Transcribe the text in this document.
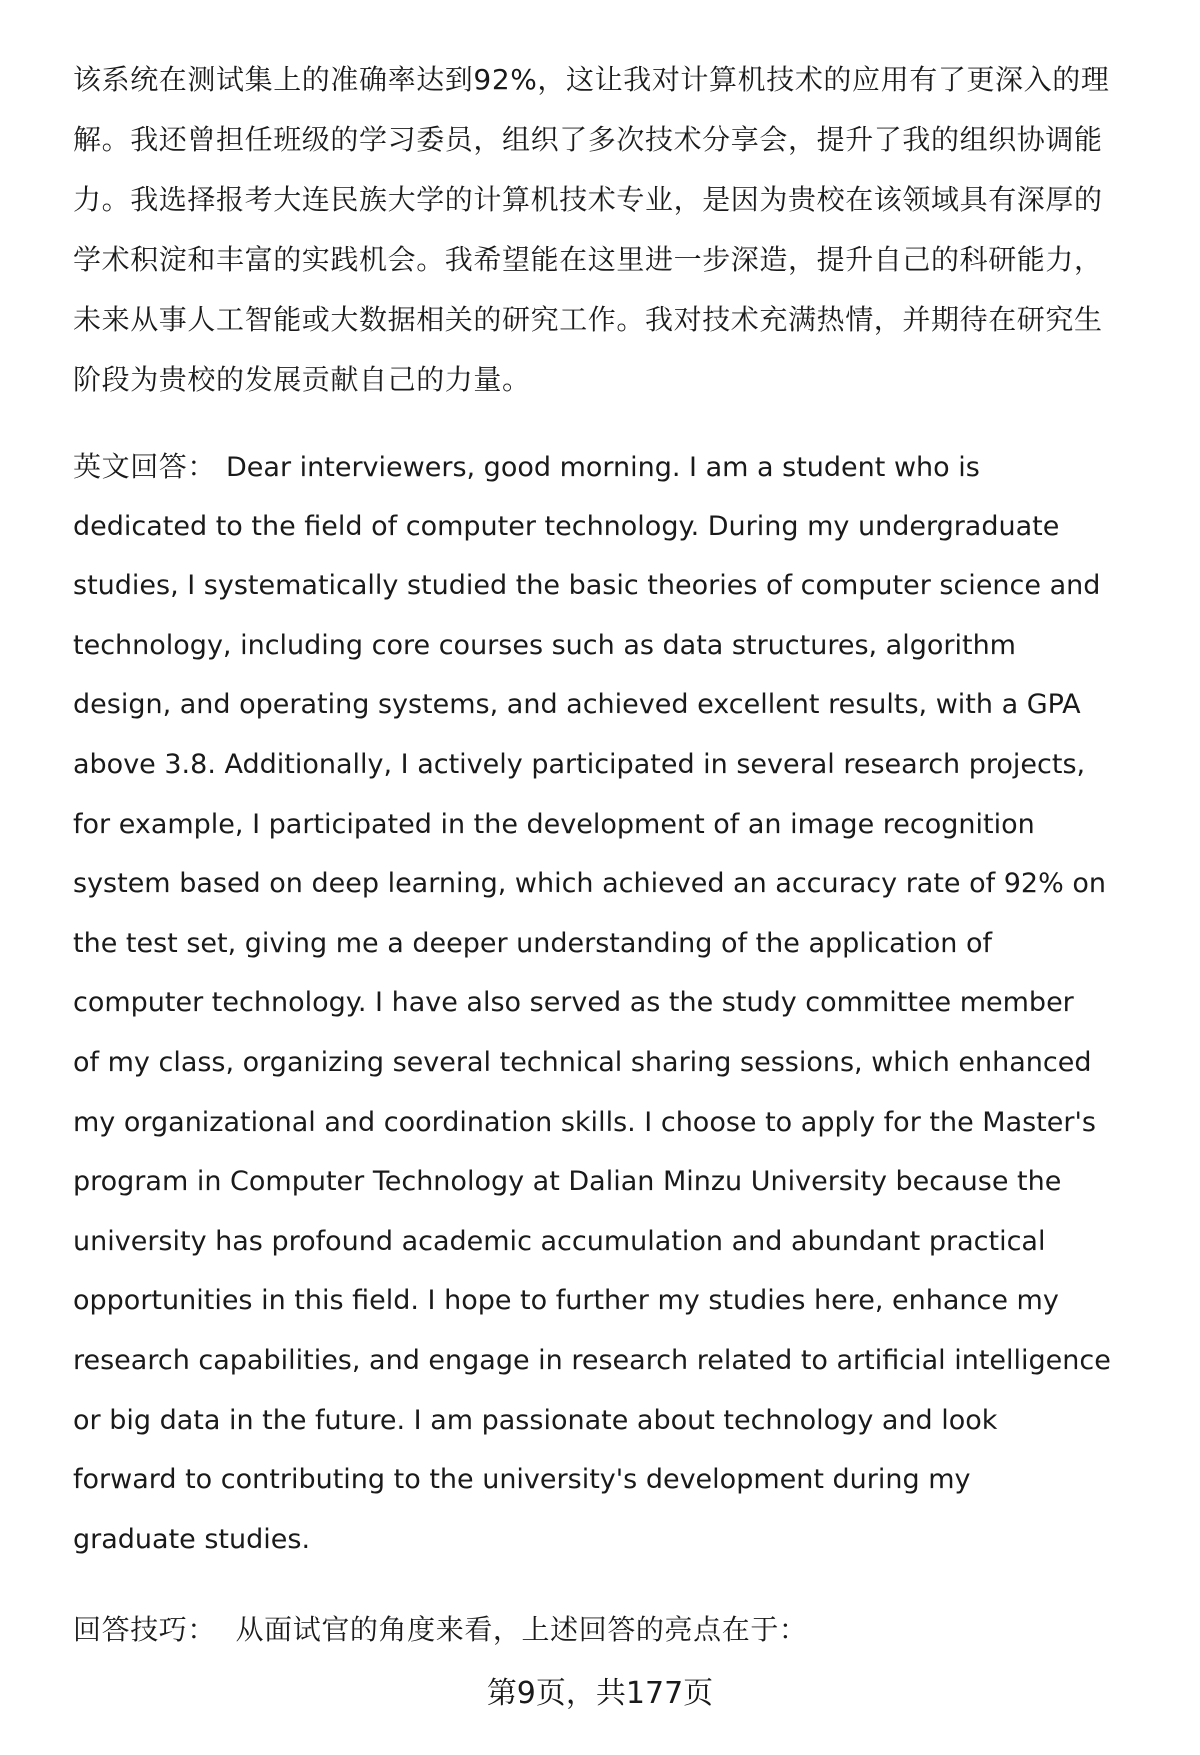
该系统在测试集上的准确率达到92%，这让我对计算机技术的应用有了更深入的理
解。我还曾担任班级的学习委员，组织了多次技术分享会，提升了我的组织协调能
力。我选择报考大连民族大学的计算机技术专业，是因为贵校在该领域具有深厚的
学术积淀和丰富的实践机会。我希望能在这里进一步深造，提升自己的科研能力，
未来从事人工智能或大数据相关的研究工作。我对技术充满热情，并期待在研究生
阶段为贵校的发展贡献自己的力量。
英文回答： Dear interviewers, good morning. I am a student who is
dedicated to the field of computer technology. During my undergraduate
studies, I systematically studied the basic theories of computer science and
technology, including core courses such as data structures, algorithm
design, and operating systems, and achieved excellent results, with a GPA
above 3.8. Additionally, I actively participated in several research projects,
for example, I participated in the development of an image recognition
system based on deep learning, which achieved an accuracy rate of 92% on
the test set, giving me a deeper understanding of the application of
computer technology. I have also served as the study committee member
of my class, organizing several technical sharing sessions, which enhanced
my organizational and coordination skills. I choose to apply for the Master's
program in Computer Technology at Dalian Minzu University because the
university has profound academic accumulation and abundant practical
opportunities in this field. I hope to further my studies here, enhance my
research capabilities, and engage in research related to artificial intelligence
or big data in the future. I am passionate about technology and look
forward to contributing to the university's development during my
graduate studies.
回答技巧： 从面试官的角度来看，上述回答的亮点在于：
第9页，共177页
